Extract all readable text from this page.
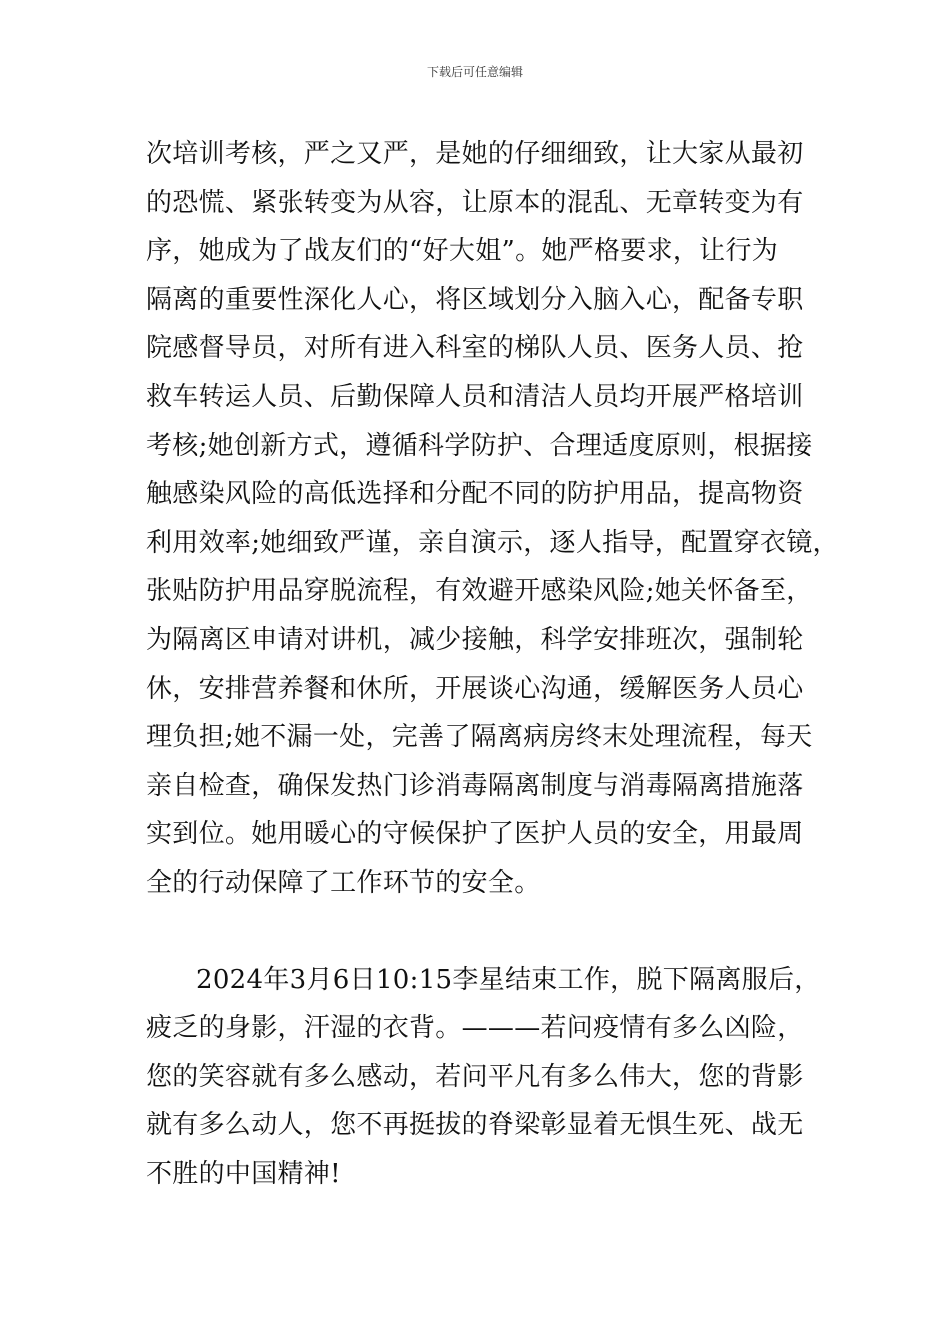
下载后可任意编辑
次培训考核，严之又严，是她的仔细细致，让大家从最初
的恐慌、紧张转变为从容，让原本的混乱、无章转变为有
序，她成为了战友们的“好大姐”。她严格要求，让行为
隔离的重要性深化人心，将区域划分入脑入心，配备专职
院感督导员，对所有进入科室的梯队人员、医务人员、抢
救车转运人员、后勤保障人员和清洁人员均开展严格培训
考核;她创新方式，遵循科学防护、合理适度原则，根据接
触感染风险的高低选择和分配不同的防护用品，提高物资
利用效率;她细致严谨，亲自演示，逐人指导，配置穿衣镜，
张贴防护用品穿脱流程，有效避开感染风险;她关怀备至，
为隔离区申请对讲机，减少接触，科学安排班次，强制轮
休，安排营养餐和休所，开展谈心沟通，缓解医务人员心
理负担;她不漏一处，完善了隔离病房终末处理流程，每天
亲自检查，确保发热门诊消毒隔离制度与消毒隔离措施落
实到位。她用暖心的守候保护了医护人员的安全，用最周
全的行动保障了工作环节的安全。
2024年3月6日10:15李星结束工作，脱下隔离服后，
疲乏的身影，汗湿的衣背。———若问疫情有多么凶险，
您的笑容就有多么感动，若问平凡有多么伟大，您的背影
就有多么动人，您不再挺拔的脊梁彰显着无惧生死、战无
不胜的中国精神!
